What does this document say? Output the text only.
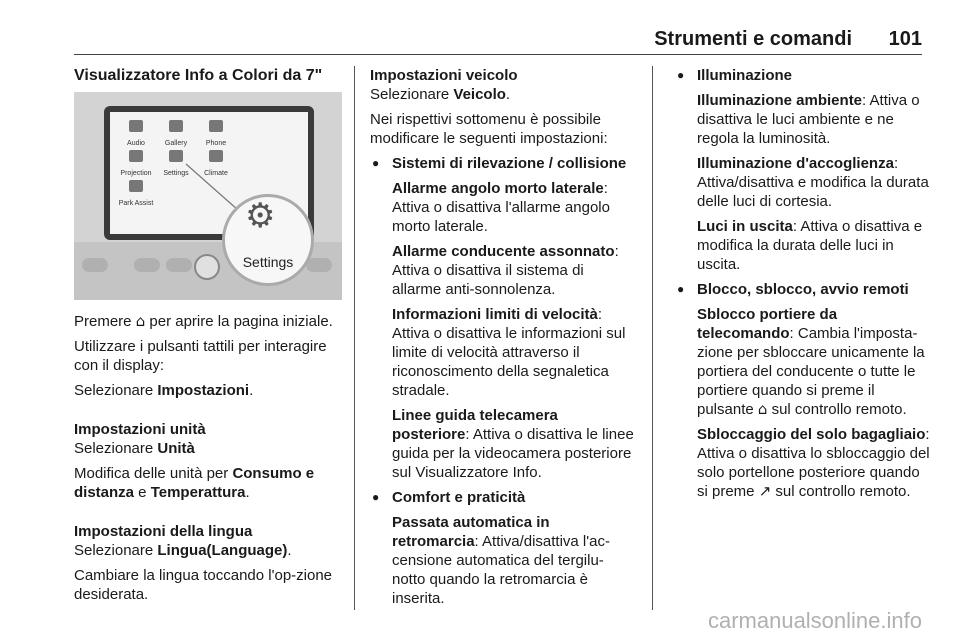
Strumenti e comandi 101
Visualizzatore Info a Colori da 7"
Audio	Gallery	Phone
Projection	Settings	Climate
Park Assist	⚙
Settings

Premere ⌂ per aprire la pagina iniziale.

Utilizzare i pulsanti tattili per interagire con il display:

Selezionare Impostazioni.

Impostazioni unità

Selezionare Unità

Modifica delle unità per Consumo e distanza e Temperattura.

Impostazioni della lingua

Selezionare Lingua(Language).

Cambiare la lingua toccando l'op-zione desiderata.

Impostazioni veicolo

Selezionare Veicolo.

Nei rispettivi sottomenu è possibile modificare le seguenti impostazioni:

● Sistemi di rilevazione / collisione
Allarme angolo morto laterale: Attiva o disattiva l'allarme angolo morto laterale.
Allarme conducente assonnato: Attiva o disattiva il sistema di allarme anti-sonnolenza.
Informazioni limiti di velocità: Attiva o disattiva le informazioni sul limite di velocità attraverso il riconoscimento della segnaletica stradale.
Linee guida telecamera posteriore: Attiva o disattiva le linee guida per la videocamera posteriore sul Visualizzatore Info.
● Comfort e praticità
Passata automatica in retromarcia: Attiva/disattiva l'ac-censione automatica del tergilu-notto quando la retromarcia è inserita.
● Illuminazione
Illuminazione ambiente: Attiva o disattiva le luci ambiente e ne regola la luminosità.
Illuminazione d'accoglienza: Attiva/disattiva e modifica la durata delle luci di cortesia.
Luci in uscita: Attiva o disattiva e modifica la durata delle luci in uscita.
● Blocco, sblocco, avvio remoti
Sblocco portiere da telecomando: Cambia l'imposta-zione per sbloccare unicamente la portiera del conducente o tutte le portiere quando si preme il pulsante ⌂ sul controllo remoto.
Sbloccaggio del solo bagagliaio: Attiva o disattiva lo sbloccaggio del solo portellone posteriore quando si preme ↗ sul controllo remoto.
carmanualsonline.info
